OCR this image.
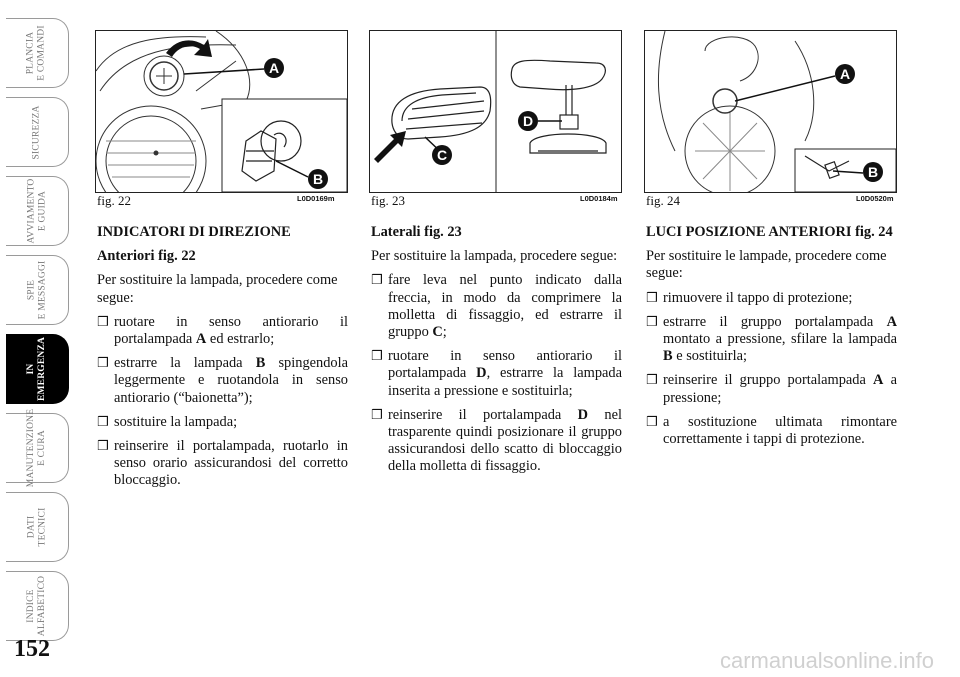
PLANCIA
E COMANDI
SICUREZZA
AVVIAMENTO
E GUIDA
SPIE
E MESSAGGI
IN
EMERGENZA
MANUTENZIONE
E CURA
DATI
TECNICI
INDICE
ALFABETICO
152
A
B
fig. 22	L0D0169m
C
D
fig. 23	L0D0184m
A
B
fig. 24	L0D0520m
INDICATORI DI DIREZIONE
Anteriori fig. 22

Per sostituire la lampada, procedere come segue:

❒ ruotare in senso antiorario il portalampada A ed estrarlo;
❒ estrarre la lampada B spingendola leggermente e ruotandola in senso antiorario (“baionetta”);
❒ sostituire la lampada;
❒ reinserire il portalampada, ruotarlo in senso orario assicurandosi del corretto bloccaggio.
Laterali fig. 23

Per sostituire la lampada, procedere segue:

❒ fare leva nel punto indicato dalla freccia, in modo da comprimere la molletta di fissaggio, ed estrarre il gruppo C;
❒ ruotare in senso antiorario il portalampada D, estrarre la lampada inserita a pressione e sostituirla;
❒ reinserire il portalampada D nel trasparente quindi posizionare il gruppo assicurandosi dello scatto di bloccaggio della molletta di fissaggio.
LUCI POSIZIONE ANTERIORI fig. 24

Per sostituire le lampade, procedere come segue:

❒ rimuovere il tappo di protezione;
❒ estrarre il gruppo portalampada A montato a pressione, sfilare la lampada B e sostituirla;
❒ reinserire il gruppo portalampada A a pressione;
❒ a sostituzione ultimata rimontare correttamente i tappi di protezione.
carmanualsonline.info
